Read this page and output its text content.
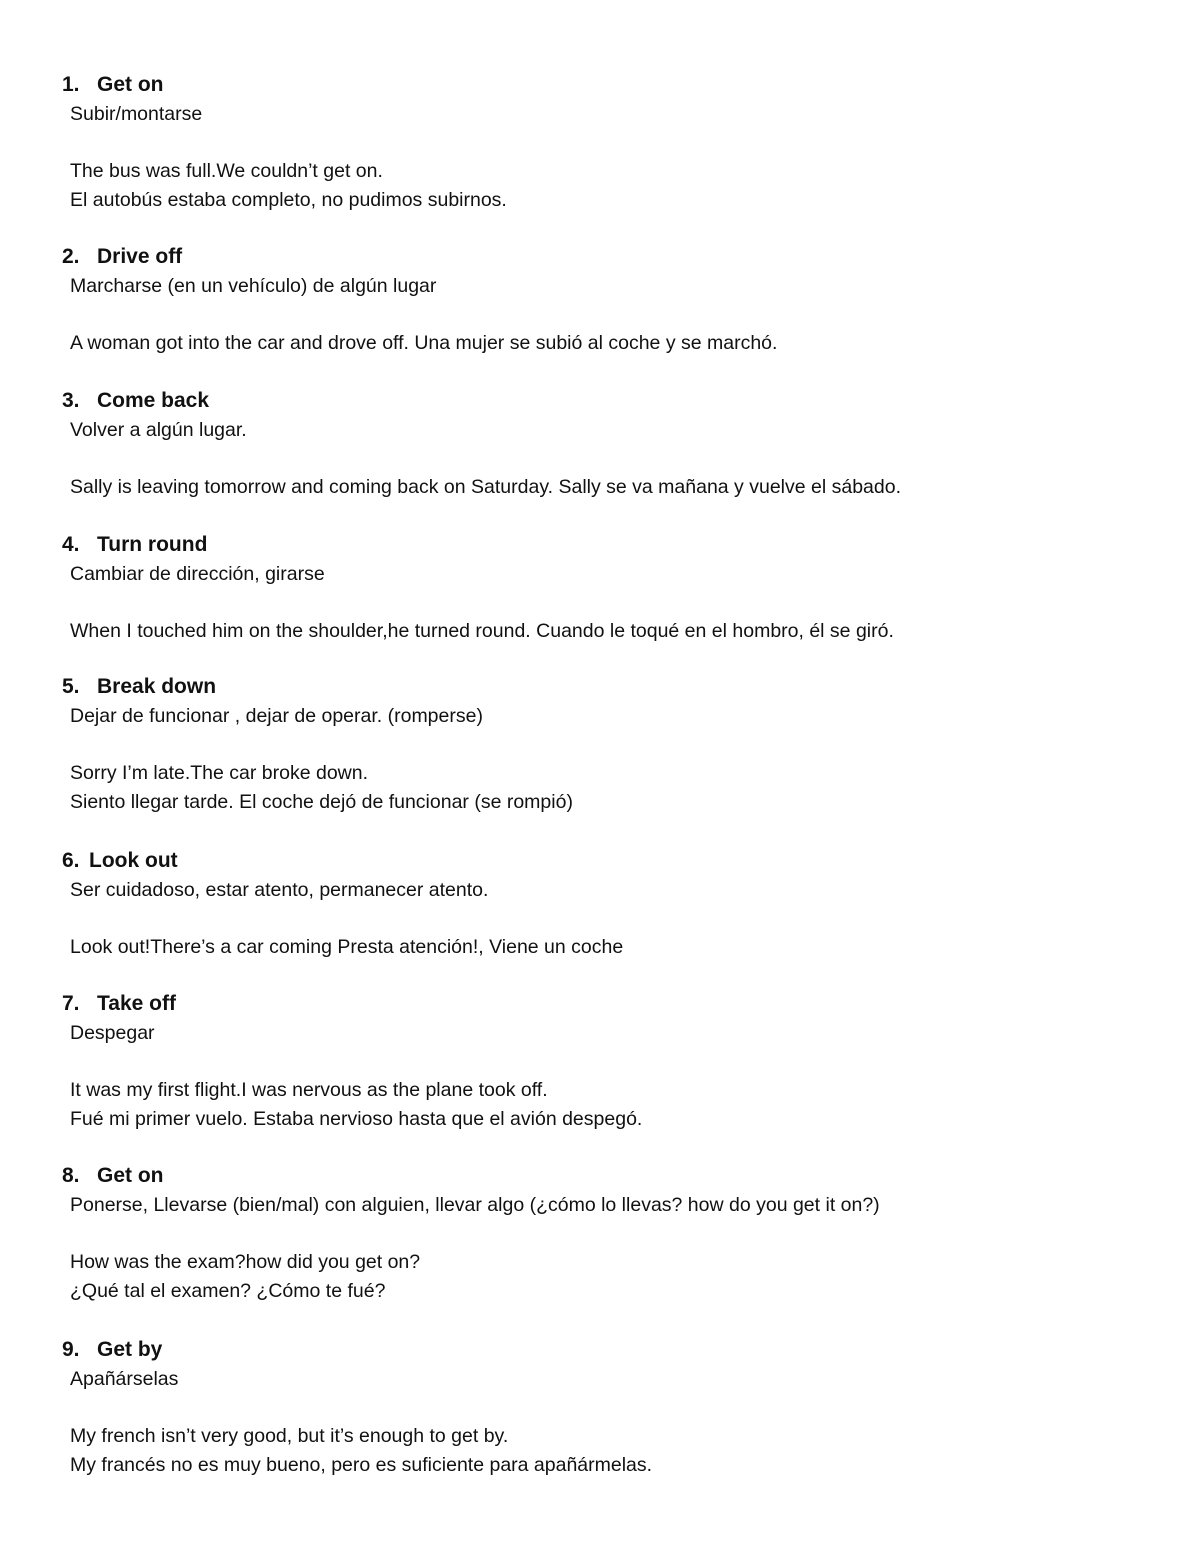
1. Get on
Subir/montarse
The bus was full.We couldn’t get on.
El autobús estaba completo, no pudimos subirnos.
2. Drive off
Marcharse (en un vehículo) de algún lugar
A woman got into the car and drove off. Una mujer se subió al coche y se marchó.
3. Come back
Volver a algún lugar.
Sally is leaving tomorrow and coming back on Saturday. Sally se va mañana y vuelve el sábado.
4. Turn round
Cambiar de dirección, girarse
When I touched him on the shoulder,he turned round. Cuando le toqué en el hombro, él se giró.
5. Break down
Dejar de funcionar , dejar de operar. (romperse)
Sorry I’m late.The car broke down.
Siento llegar tarde. El coche dejó de funcionar (se rompió)
6. Look out
Ser cuidadoso, estar atento, permanecer atento.
Look out!There’s a car coming Presta atención!, Viene un coche
7. Take off
Despegar
It was my first flight.I was nervous as the plane took off.
Fué mi primer vuelo. Estaba nervioso hasta que el avión despegó.
8. Get on
Ponerse, Llevarse (bien/mal) con alguien, llevar algo (¿cómo lo llevas? how do you get it on?)
How was the exam?how did you get on?
¿Qué tal el examen? ¿Cómo te fué?
9. Get by
Apañárselas
My french isn’t very good, but it’s enough to get by.
My francés no es muy bueno, pero es suficiente para apañármelas.
